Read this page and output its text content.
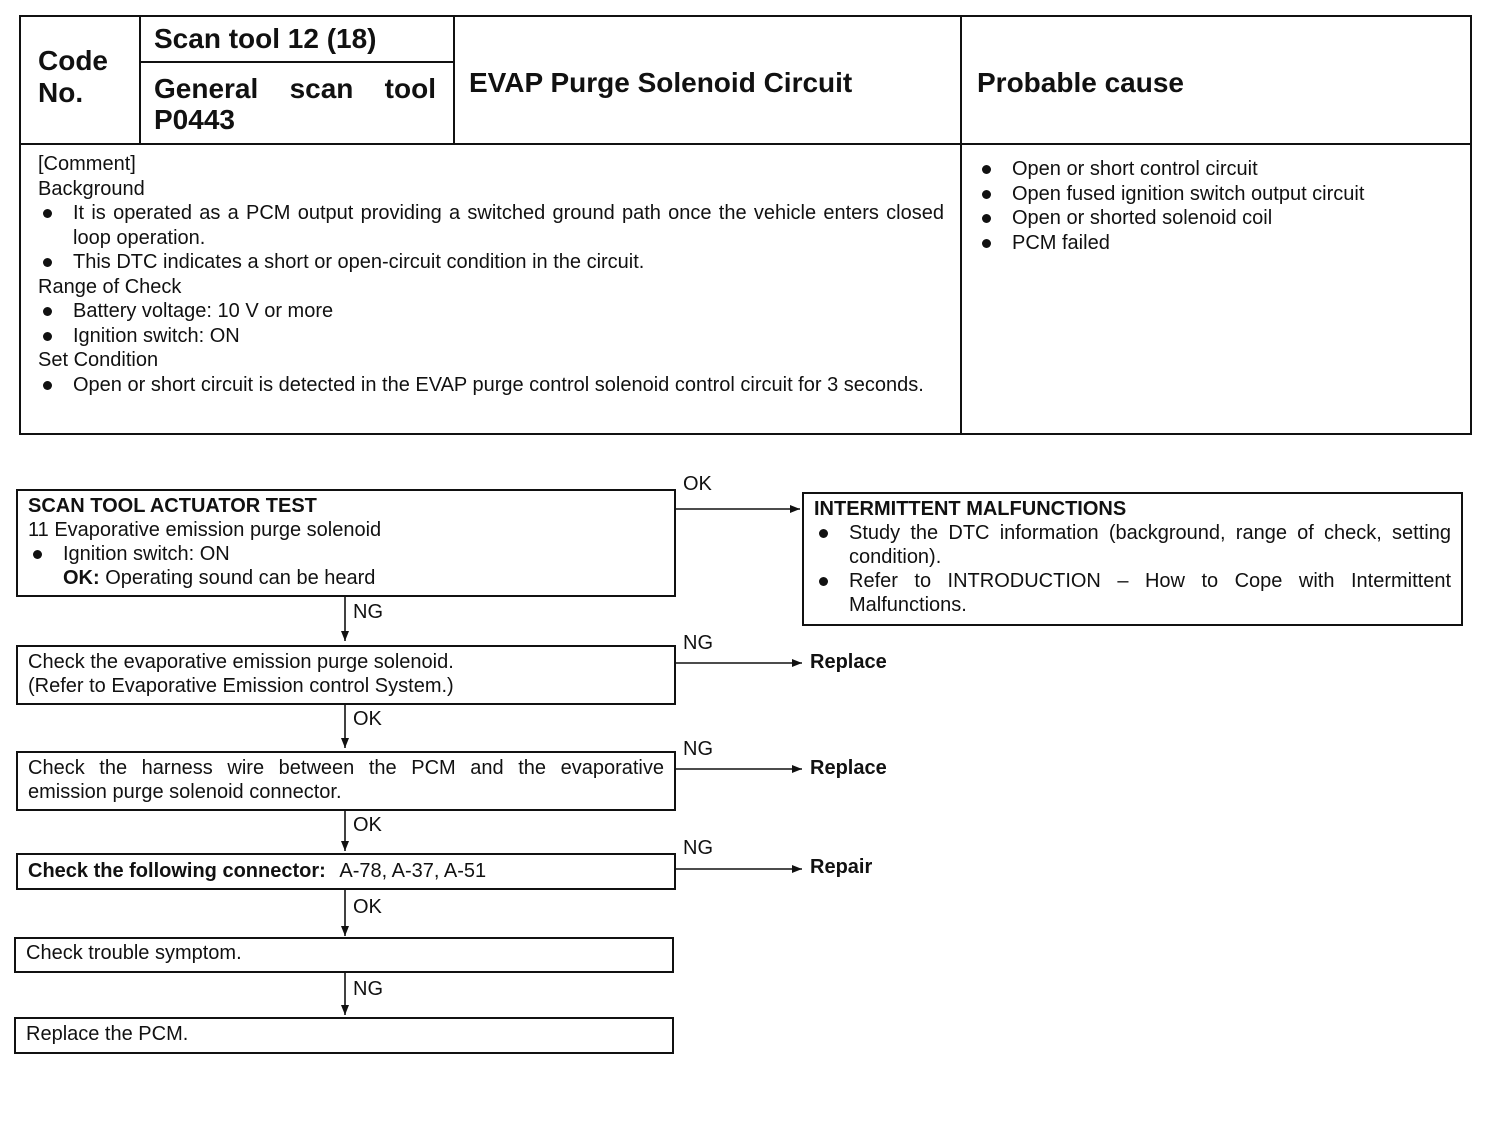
Code
No.
Scan tool 12 (18)
General scan tool
P0443
EVAP Purge Solenoid Circuit	Probable cause
[Comment]
Background
It is operated as a PCM output providing a switched ground path once the vehicle enters closed loop operation.
This DTC indicates a short or open-circuit condition in the circuit.
Range of Check
Battery voltage: 10 V or more
Ignition switch: ON
Set Condition
Open or short circuit is detected in the EVAP purge control solenoid control circuit for 3 seconds.
Open or short control circuit
Open fused ignition switch output circuit
Open or shorted solenoid coil
PCM failed
SCAN TOOL ACTUATOR TEST
11 Evaporative emission purge solenoid
Ignition switch: ON
OK: Operating sound can be heard
INTERMITTENT MALFUNCTIONS
Study the DTC information (background, range of check, setting condition).
Refer to INTRODUCTION – How to Cope with Intermittent Malfunctions.
Check the evaporative emission purge solenoid.
(Refer to Evaporative Emission control System.)
Check the harness wire between the PCM and the evaporative emission purge solenoid connector.
Check the following connector: A-78, A-37, A-51
Check trouble symptom.
Replace the PCM.
OK
NG
OK
OK
OK
NG
NG
NG
NG
Replace
Replace
Repair
